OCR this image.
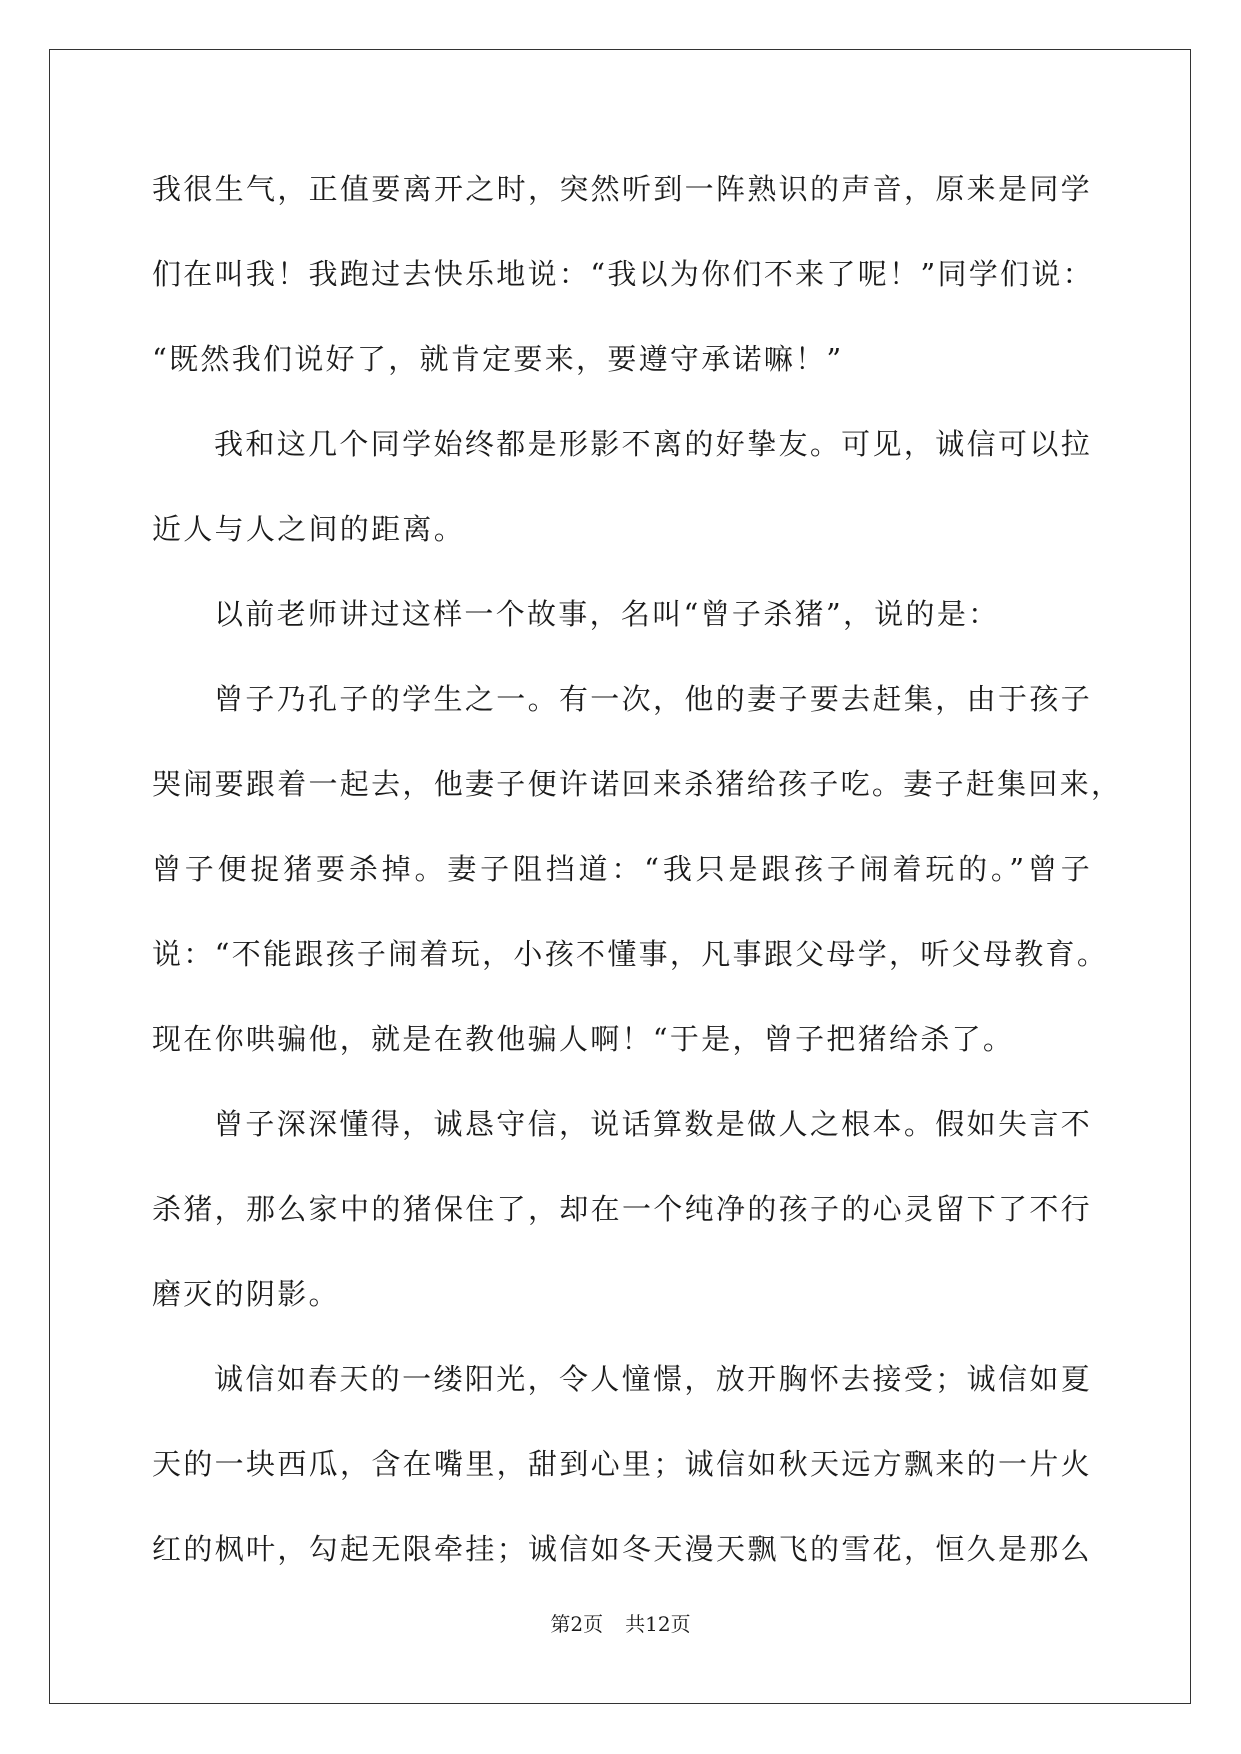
我很生气，正值要离开之时，突然听到一阵熟识的声音，原来是同学
们在叫我！我跑过去快乐地说：“我以为你们不来了呢！”同学们说：
“既然我们说好了，就肯定要来，要遵守承诺嘛！”
我和这几个同学始终都是形影不离的好挚友。可见，诚信可以拉
近人与人之间的距离。
以前老师讲过这样一个故事，名叫“曾子杀猪”，说的是：
曾子乃孔子的学生之一。有一次，他的妻子要去赶集，由于孩子
哭闹要跟着一起去，他妻子便许诺回来杀猪给孩子吃。妻子赶集回来，
曾子便捉猪要杀掉。妻子阻挡道：“我只是跟孩子闹着玩的。”曾子
说：“不能跟孩子闹着玩，小孩不懂事，凡事跟父母学，听父母教育。
现在你哄骗他，就是在教他骗人啊！“于是，曾子把猪给杀了。
曾子深深懂得，诚恳守信，说话算数是做人之根本。假如失言不
杀猪，那么家中的猪保住了，却在一个纯净的孩子的心灵留下了不行
磨灭的阴影。
诚信如春天的一缕阳光，令人憧憬，放开胸怀去接受；诚信如夏
天的一块西瓜，含在嘴里，甜到心里；诚信如秋天远方飘来的一片火
红的枫叶，勾起无限牵挂；诚信如冬天漫天飘飞的雪花，恒久是那么
第2页 共12页
